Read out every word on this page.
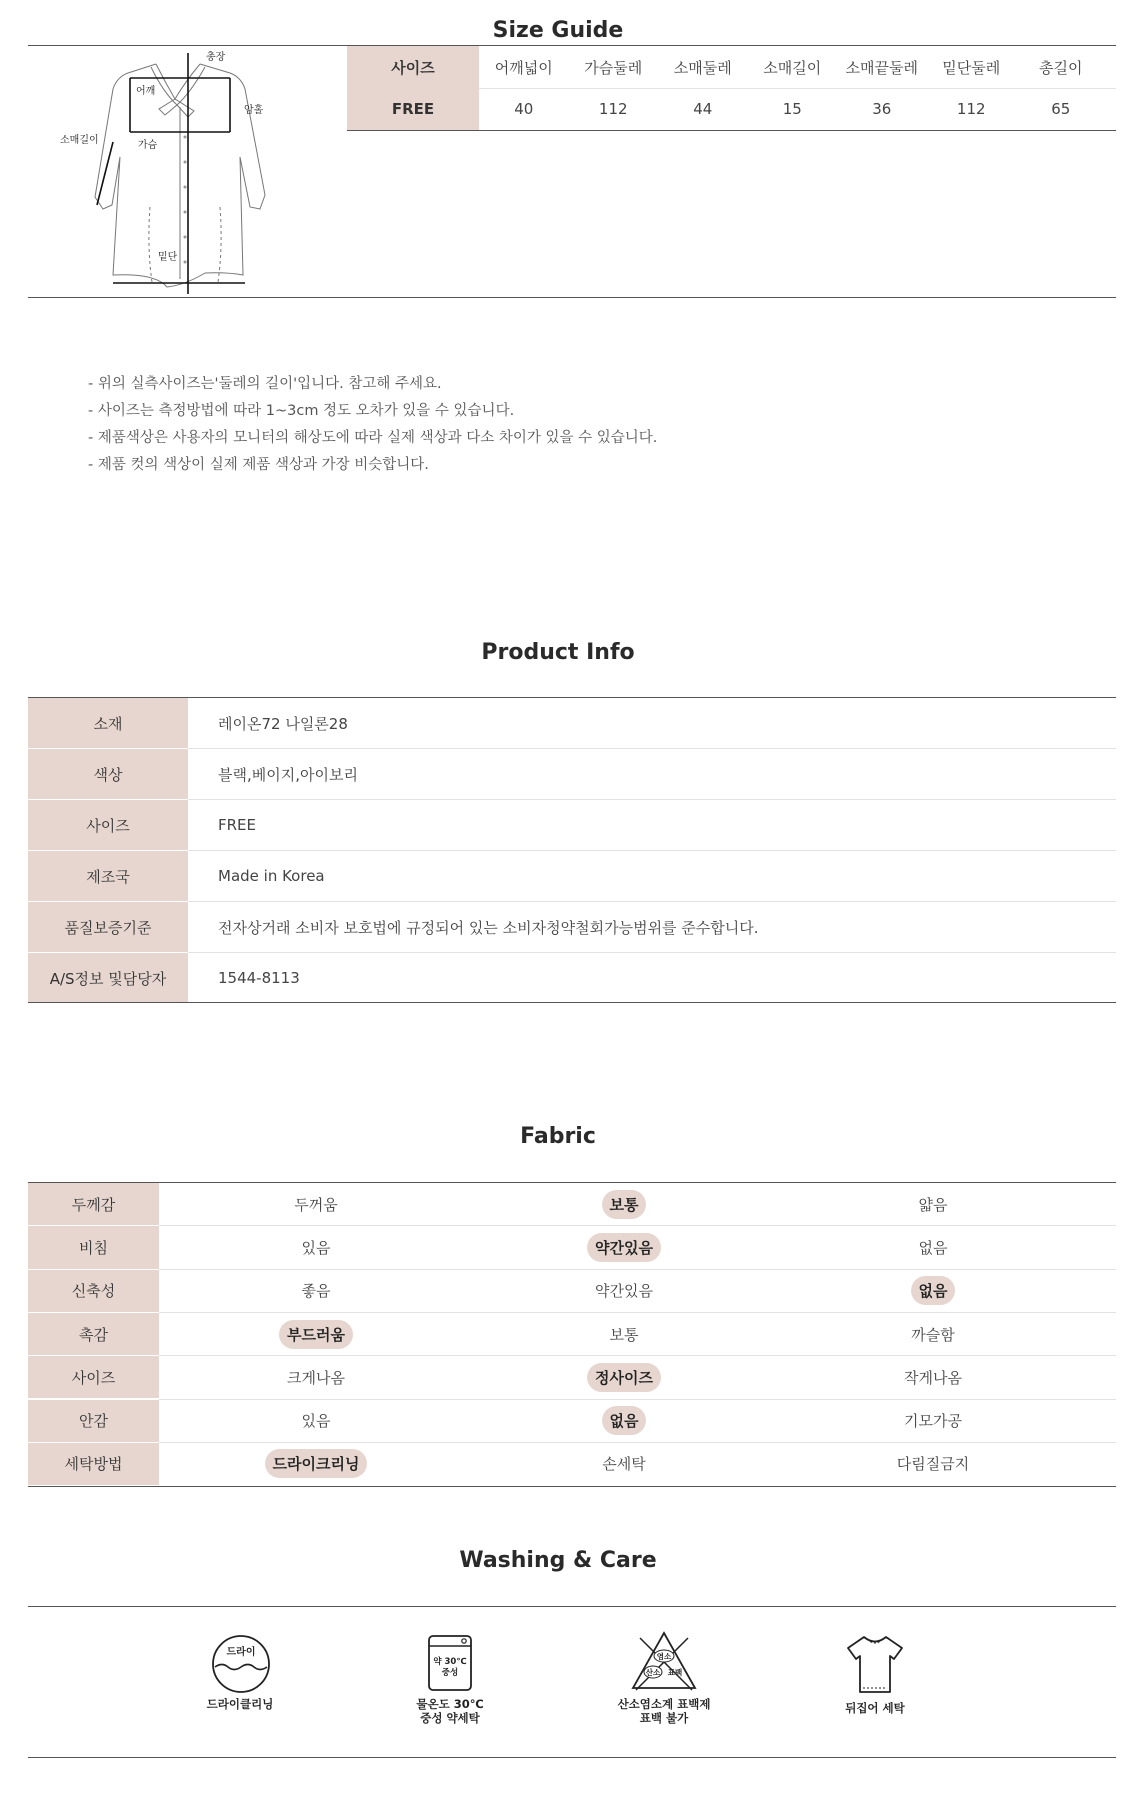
Size Guide
총장
어깨
암홀
소매길이	가슴
밑단
사이즈	어깨넓이	가슴둘레	소매둘레	소매길이	소매끝둘레	밑단둘레	총길이
FREE	40	112	44	15	36	112	65
- 위의 실측사이즈는'둘레의 길이'입니다. 참고해 주세요.
- 사이즈는 측정방법에 따라 1~3cm 정도 오차가 있을 수 있습니다.
- 제품색상은 사용자의 모니터의 해상도에 따라 실제 색상과 다소 차이가 있을 수 있습니다.
- 제품 컷의 색상이 실제 제품 색상과 가장 비슷합니다.
Product Info
소재	레이온72 나일론28
색상	블랙,베이지,아이보리
사이즈	FREE
제조국	Made in Korea
품질보증기준	전자상거래 소비자 보호법에 규정되어 있는 소비자청약철회가능범위를 준수합니다.
A/S정보 및담당자	1544-8113
Fabric
두께감	두꺼움	보통	얇음
비침	있음	약간있음	없음
신축성	좋음	약간있음	없음
촉감	부드러움	보통	까슬함
사이즈	크게나옴	정사이즈	작게나옴
안감	있음	없음	기모가공
세탁방법	드라이크리닝	손세탁	다림질금지
Washing & Care
드라이
드라이클리닝
약 30℃
중성
물온도 30℃
중성 약세탁
염소
산소 표백
산소염소계 표백제
표백 불가
뒤집어 세탁
